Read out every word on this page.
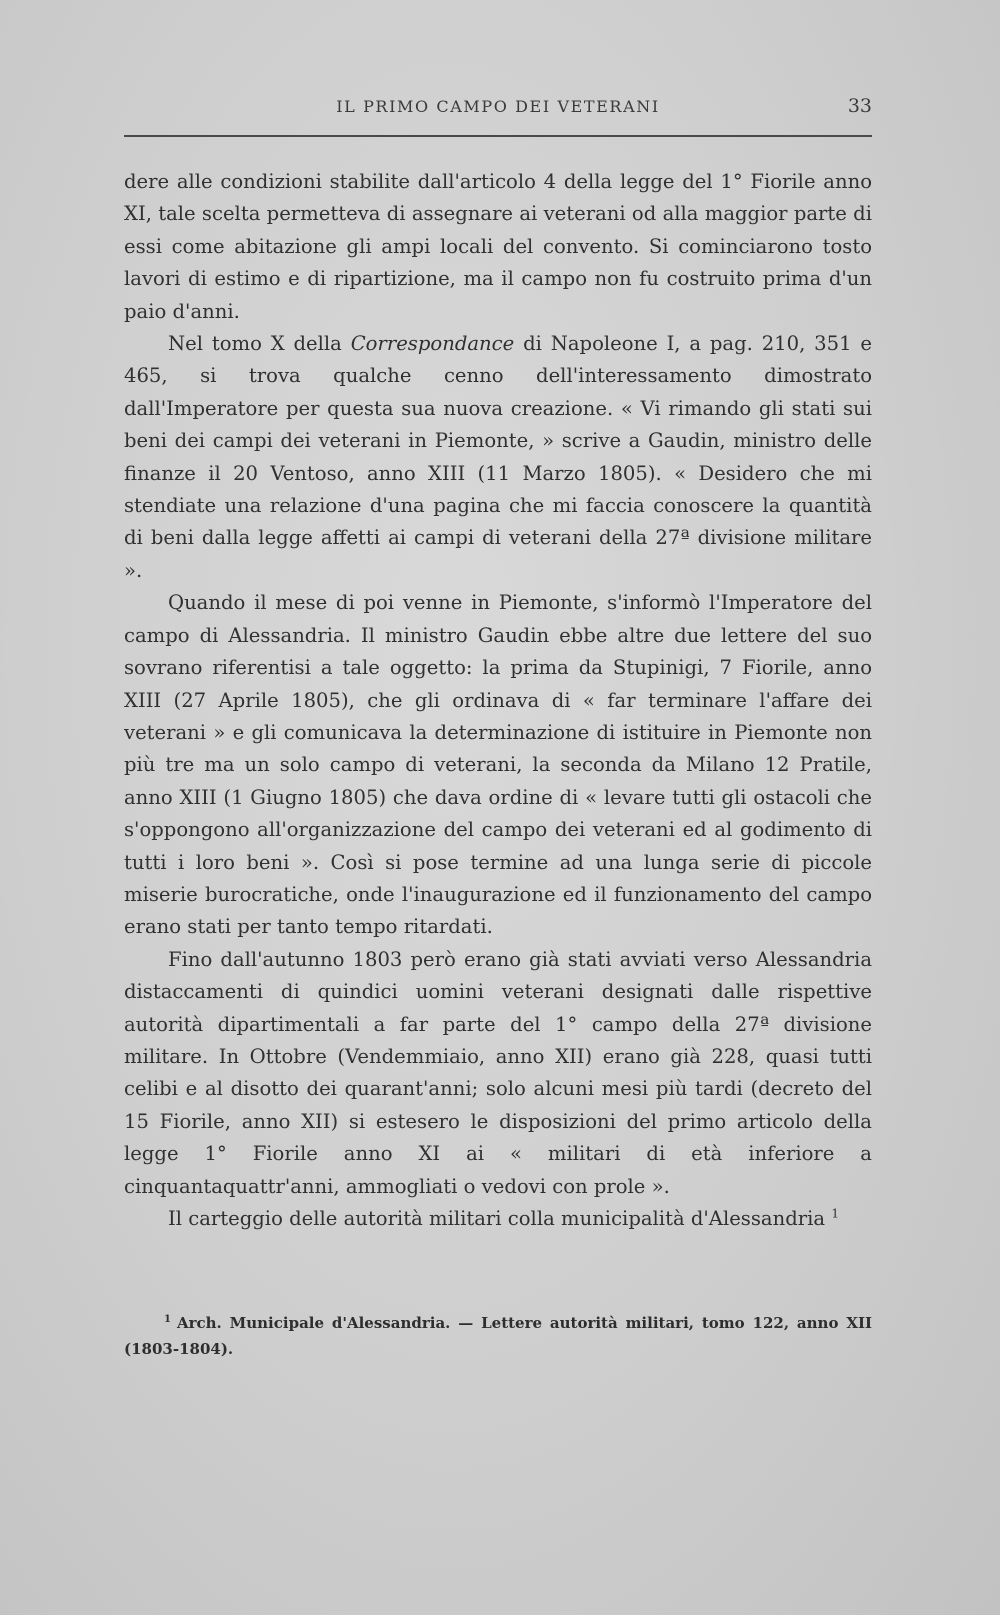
IL PRIMO CAMPO DEI VETERANI	33

dere alle condizioni stabilite dall'articolo 4 della legge del 1° Fiorile anno XI, tale scelta permetteva di assegnare ai veterani od alla maggior parte di essi come abitazione gli ampi locali del convento. Si cominciarono tosto lavori di estimo e di ripartizione, ma il campo non fu costruito prima d'un paio d'anni.

Nel tomo X della Correspondance di Napoleone I, a pag. 210, 351 e 465, si trova qualche cenno dell'interessamento dimostrato dall'Imperatore per questa sua nuova creazione. « Vi rimando gli stati sui beni dei campi dei veterani in Piemonte, » scrive a Gaudin, ministro delle finanze il 20 Ventoso, anno XIII (11 Marzo 1805). « Desidero che mi stendiate una relazione d'una pagina che mi faccia conoscere la quantità di beni dalla legge affetti ai campi di veterani della 27ª divisione militare ».

Quando il mese di poi venne in Piemonte, s'informò l'Imperatore del campo di Alessandria. Il ministro Gaudin ebbe altre due lettere del suo sovrano riferentisi a tale oggetto: la prima da Stupinigi, 7 Fiorile, anno XIII (27 Aprile 1805), che gli ordinava di « far terminare l'affare dei veterani » e gli comunicava la determinazione di istituire in Piemonte non più tre ma un solo campo di veterani, la seconda da Milano 12 Pratile, anno XIII (1 Giugno 1805) che dava ordine di « levare tutti gli ostacoli che s'oppongono all'organizzazione del campo dei veterani ed al godimento di tutti i loro beni ». Così si pose termine ad una lunga serie di piccole miserie burocratiche, onde l'inaugurazione ed il funzionamento del campo erano stati per tanto tempo ritardati.

Fino dall'autunno 1803 però erano già stati avviati verso Alessandria distaccamenti di quindici uomini veterani designati dalle rispettive autorità dipartimentali a far parte del 1° campo della 27ª divisione militare. In Ottobre (Vendemmiaio, anno XII) erano già 228, quasi tutti celibi e al disotto dei quarant'anni; solo alcuni mesi più tardi (decreto del 15 Fiorile, anno XII) si estesero le disposizioni del primo articolo della legge 1° Fiorile anno XI ai « militari di età inferiore a cinquantaquattr'anni, ammogliati o vedovi con prole ».

Il carteggio delle autorità militari colla municipalità d'Alessandria $^1$

$^1$ Arch. Municipale d'Alessandria. — Lettere autorità militari, tomo 122, anno XII (1803-1804).
